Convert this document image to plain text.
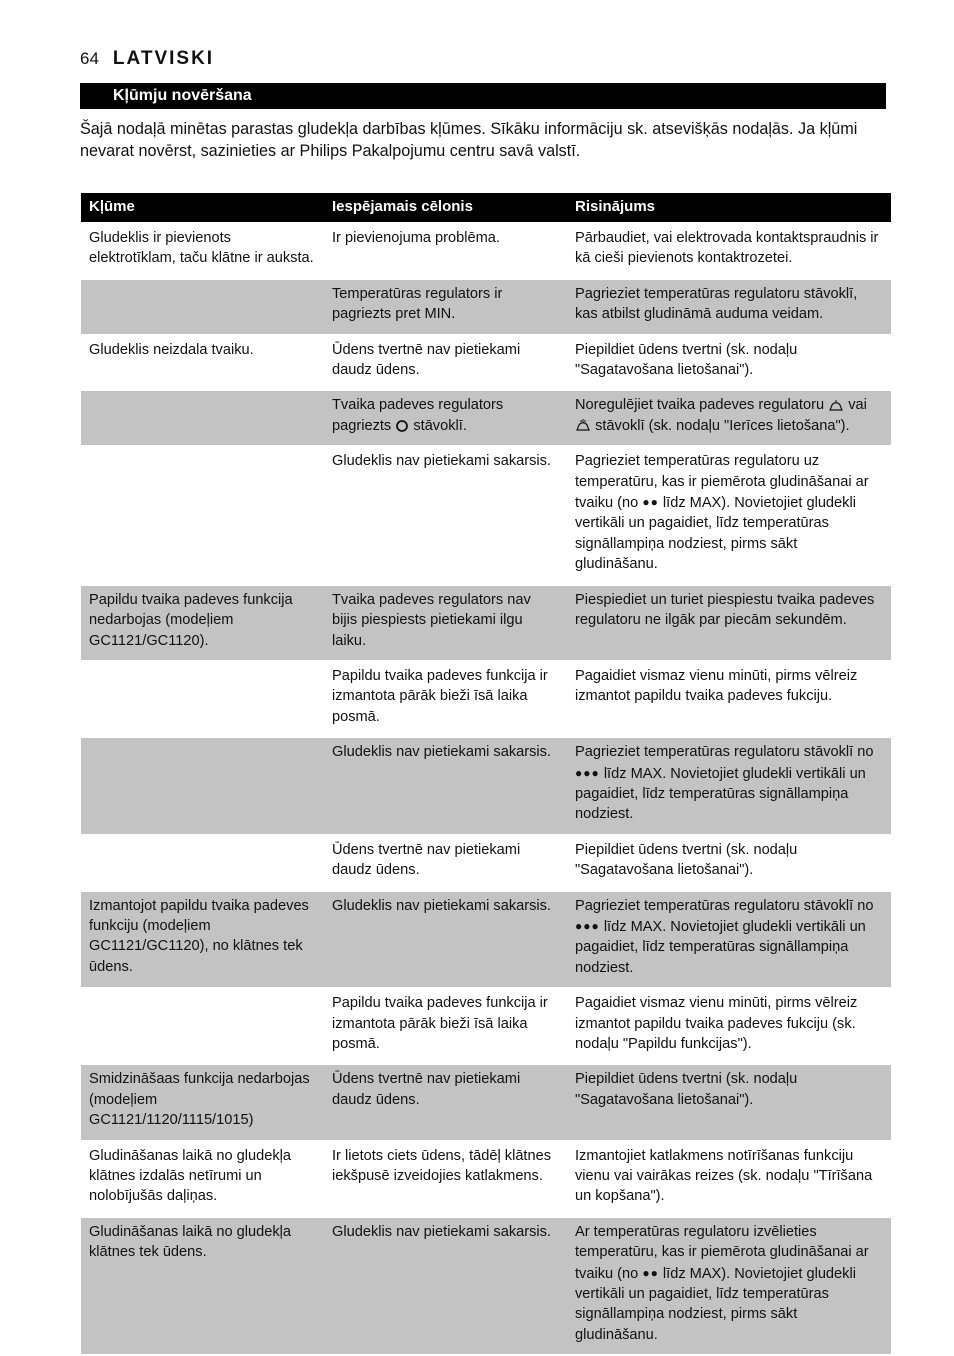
64 LATVISKI
Kļūmju novēršana
Šajā nodaļā minētas parastas gludekļa darbības kļūmes. Sīkāku informāciju sk. atsevišķās nodaļās. Ja kļūmi nevarat novērst, sazinieties ar Philips Pakalpojumu centru savā valstī.
Kļūme	Iespējamais cēlonis	Risinājums
Gludeklis ir pievienots elektrotīklam, taču klātne ir auksta.	Ir pievienojuma problēma.	Pārbaudiet, vai elektrovada kontaktspraudnis ir kā cieši pievienots kontaktrozetei.
	Temperatūras regulators ir pagriezts pret MIN.	Pagrieziet temperatūras regulatoru stāvoklī, kas atbilst gludināmā auduma veidam.
Gludeklis neizdala tvaiku.	Ūdens tvertnē nav pietiekami daudz ūdens.	Piepildiet ūdens tvertni (sk. nodaļu "Sagatavošana lietošanai").
	Tvaika padeves regulators pagriezts stāvoklī.	Noregulējiet tvaika padeves regulatoru vai  stāvoklī (sk. nodaļu "Ierīces lietošana").
	Gludeklis nav pietiekami sakarsis.	Pagrieziet temperatūras regulatoru uz temperatūru, kas ir piemērota gludināšanai ar tvaiku (no ●● līdz MAX). Novietojiet gludekli vertikāli un pagaidiet, līdz temperatūras signāllampiņa nodziest, pirms sākt gludināšanu.
Papildu tvaika padeves funkcija nedarbojas (modeļiem GC1121/GC1120).	Tvaika padeves regulators nav bijis piespiests pietiekami ilgu laiku.	Piespiediet un turiet piespiestu tvaika padeves regulatoru ne ilgāk par piecām sekundēm.
	Papildu tvaika padeves funkcija ir izmantota pārāk bieži īsā laika posmā.	Pagaidiet vismaz vienu minūti, pirms vēlreiz izmantot papildu tvaika padeves fukciju.
	Gludeklis nav pietiekami sakarsis.	Pagrieziet temperatūras regulatoru stāvoklī no ●●● līdz MAX. Novietojiet gludekli vertikāli un pagaidiet, līdz temperatūras signāllampiņa nodziest.
	Ūdens tvertnē nav pietiekami daudz ūdens.	Piepildiet ūdens tvertni (sk. nodaļu "Sagatavošana lietošanai").
Izmantojot papildu tvaika padeves funkciju (modeļiem GC1121/GC1120), no klātnes tek ūdens.	Gludeklis nav pietiekami sakarsis.	Pagrieziet temperatūras regulatoru stāvoklī no ●●● līdz MAX. Novietojiet gludekli vertikāli un pagaidiet, līdz temperatūras signāllampiņa nodziest.
	Papildu tvaika padeves funkcija ir izmantota pārāk bieži īsā laika posmā.	Pagaidiet vismaz vienu minūti, pirms vēlreiz izmantot papildu tvaika padeves fukciju (sk. nodaļu "Papildu funkcijas").
Smidzināšaas funkcija nedarbojas (modeļiem GC1121/1120/1115/1015)	Ūdens tvertnē nav pietiekami daudz ūdens.	Piepildiet ūdens tvertni (sk. nodaļu "Sagatavošana lietošanai").
Gludināšanas laikā no gludekļa klātnes izdalās netīrumi un nolobījušās daļiņas.	Ir lietots ciets ūdens, tādēļ klātnes iekšpusē izveidojies katlakmens.	Izmantojiet katlakmens notīrīšanas funkciju vienu vai vairākas reizes (sk. nodaļu "Tīrīšana un kopšana").
Gludināšanas laikā no gludekļa klātnes tek ūdens.	Gludeklis nav pietiekami sakarsis.	Ar temperatūras regulatoru izvēlieties temperatūru, kas ir piemērota gludināšanai ar tvaiku (no ●● līdz MAX). Novietojiet gludekli vertikāli un pagaidiet, līdz temperatūras signāllampiņa nodziest, pirms sākt gludināšanu.
